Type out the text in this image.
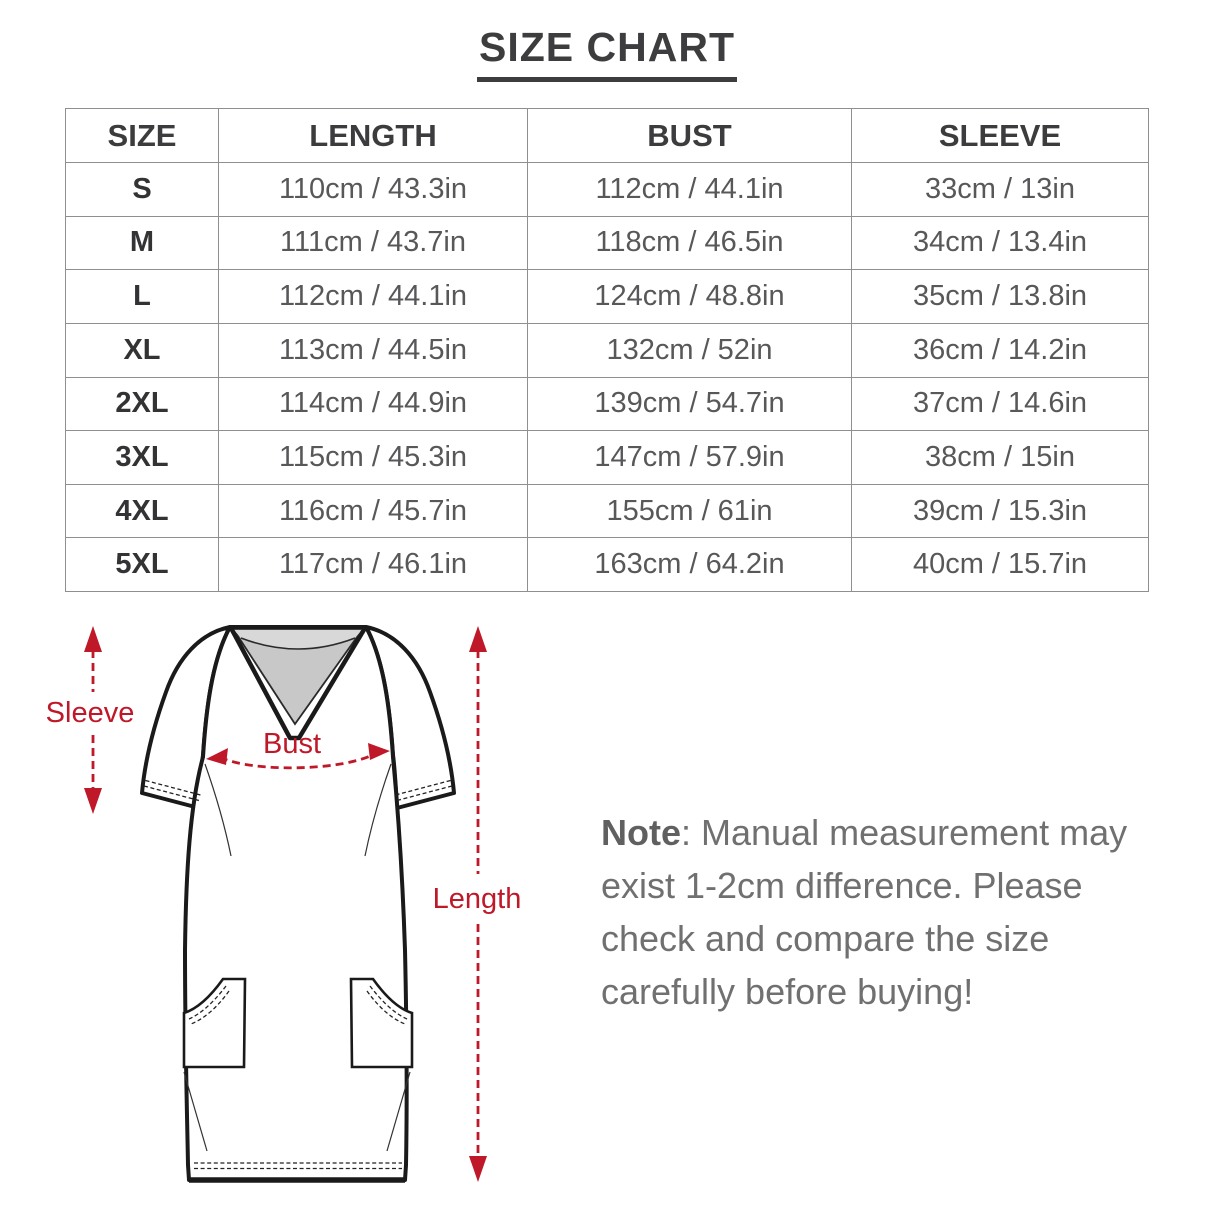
SIZE CHART
SIZE	LENGTH	BUST	SLEEVE
S	110cm / 43.3in	112cm / 44.1in	33cm / 13in
M	111cm / 43.7in	118cm / 46.5in	34cm / 13.4in
L	112cm / 44.1in	124cm / 48.8in	35cm / 13.8in
XL	113cm / 44.5in	132cm / 52in	36cm / 14.2in
2XL	114cm / 44.9in	139cm / 54.7in	37cm / 14.6in
3XL	115cm / 45.3in	147cm / 57.9in	38cm / 15in
4XL	116cm / 45.7in	155cm / 61in	39cm / 15.3in
5XL	117cm / 46.1in	163cm / 64.2in	40cm / 15.7in
Sleeve
Length
Bust
Note: Manual measurement may exist 1-2cm difference. Please check and compare the size carefully before buying!
